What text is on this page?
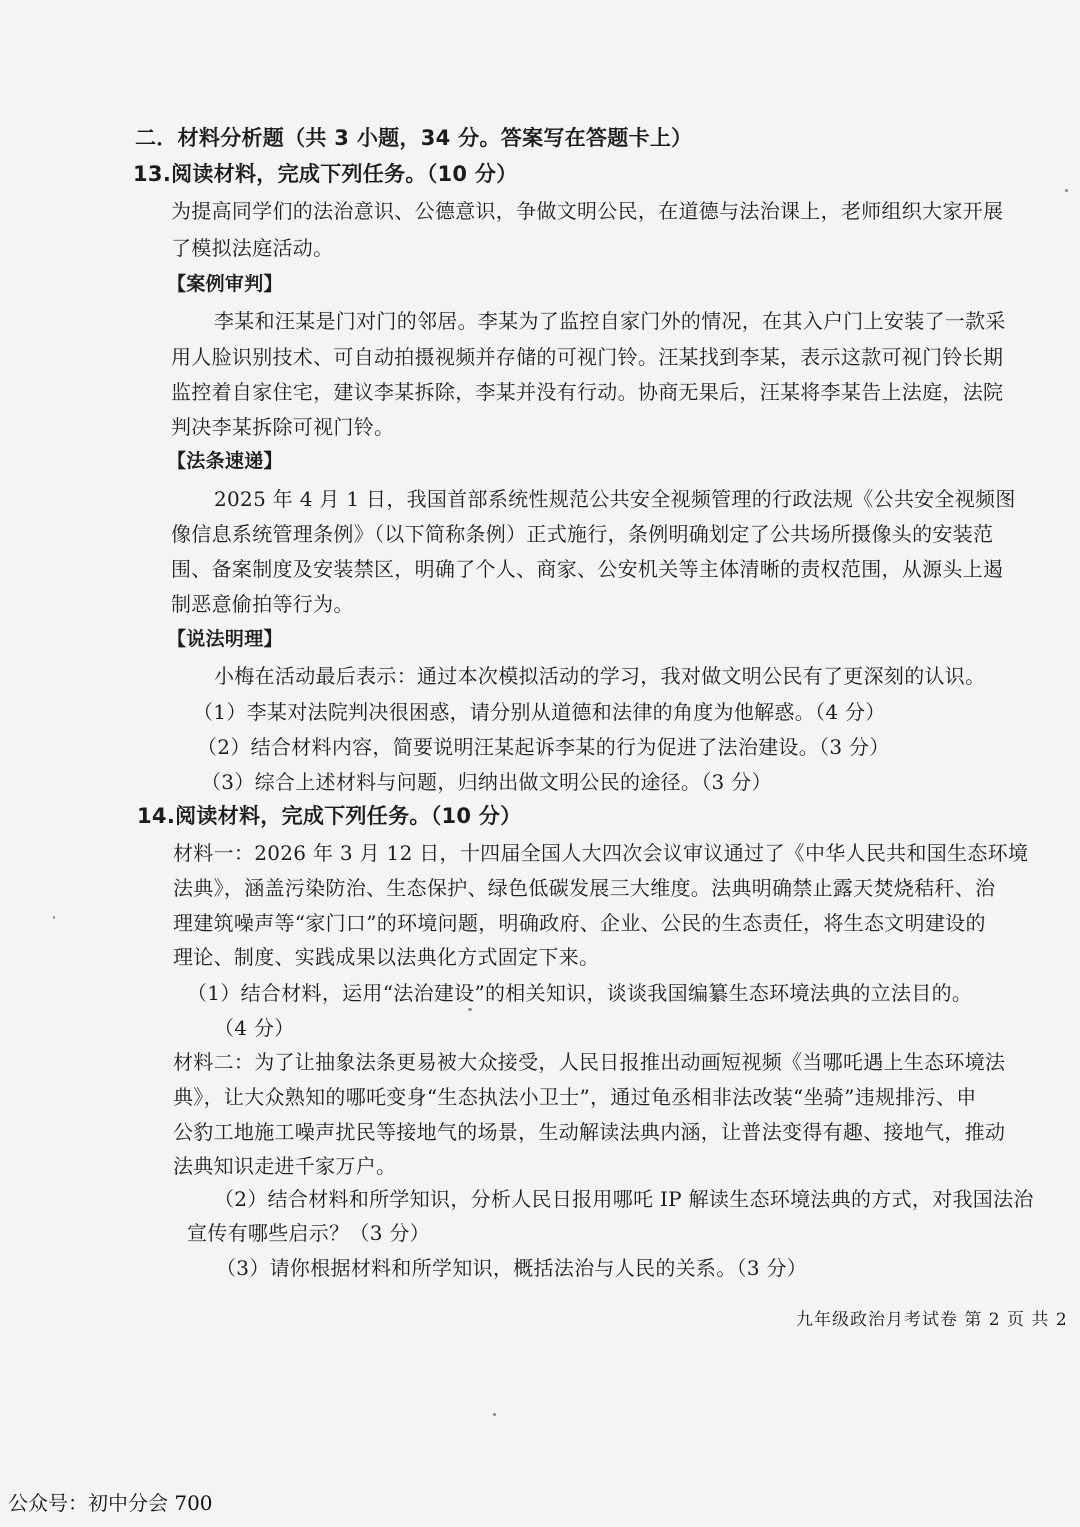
二．材料分析题（共 3 小题，34 分。答案写在答题卡上）
13.阅读材料，完成下列任务。（10 分）
为提高同学们的法治意识、公德意识，争做文明公民，在道德与法治课上，老师组织大家开展
了模拟法庭活动。
【案例审判】
李某和汪某是门对门的邻居。李某为了监控自家门外的情况，在其入户门上安装了一款采
用人脸识别技术、可自动拍摄视频并存储的可视门铃。汪某找到李某，表示这款可视门铃长期
监控着自家住宅，建议李某拆除，李某并没有行动。协商无果后，汪某将李某告上法庭，法院
判决李某拆除可视门铃。
【法条速递】
2025 年 4 月 1 日，我国首部系统性规范公共安全视频管理的行政法规《公共安全视频图
像信息系统管理条例》（以下简称条例）正式施行，条例明确划定了公共场所摄像头的安装范
围、备案制度及安装禁区，明确了个人、商家、公安机关等主体清晰的责权范围，从源头上遏
制恶意偷拍等行为。
【说法明理】
小梅在活动最后表示：通过本次模拟活动的学习，我对做文明公民有了更深刻的认识。
（1）李某对法院判决很困惑，请分别从道德和法律的角度为他解惑。（4 分）
（2）结合材料内容，简要说明汪某起诉李某的行为促进了法治建设。（3 分）
（3）综合上述材料与问题，归纳出做文明公民的途径。（3 分）
14.阅读材料，完成下列任务。（10 分）
材料一：2026 年 3 月 12 日，十四届全国人大四次会议审议通过了《中华人民共和国生态环境
法典》，涵盖污染防治、生态保护、绿色低碳发展三大维度。法典明确禁止露天焚烧秸秆、治
理建筑噪声等“家门口”的环境问题，明确政府、企业、公民的生态责任，将生态文明建设的
理论、制度、实践成果以法典化方式固定下来。
（1）结合材料，运用“法治建设”的相关知识，谈谈我国编纂生态环境法典的立法目的。
（4 分）
材料二：为了让抽象法条更易被大众接受，人民日报推出动画短视频《当哪吒遇上生态环境法
典》，让大众熟知的哪吒变身“生态执法小卫士”，通过龟丞相非法改装“坐骑”违规排污、申
公豹工地施工噪声扰民等接地气的场景，生动解读法典内涵，让普法变得有趣、接地气，推动
法典知识走进千家万户。
（2）结合材料和所学知识，分析人民日报用哪吒 IP 解读生态环境法典的方式，对我国法治
宣传有哪些启示？（3 分）
（3）请你根据材料和所学知识，概括法治与人民的关系。（3 分）
九年级政治月考试卷 第 2 页 共 2
公众号：初中分会 700
